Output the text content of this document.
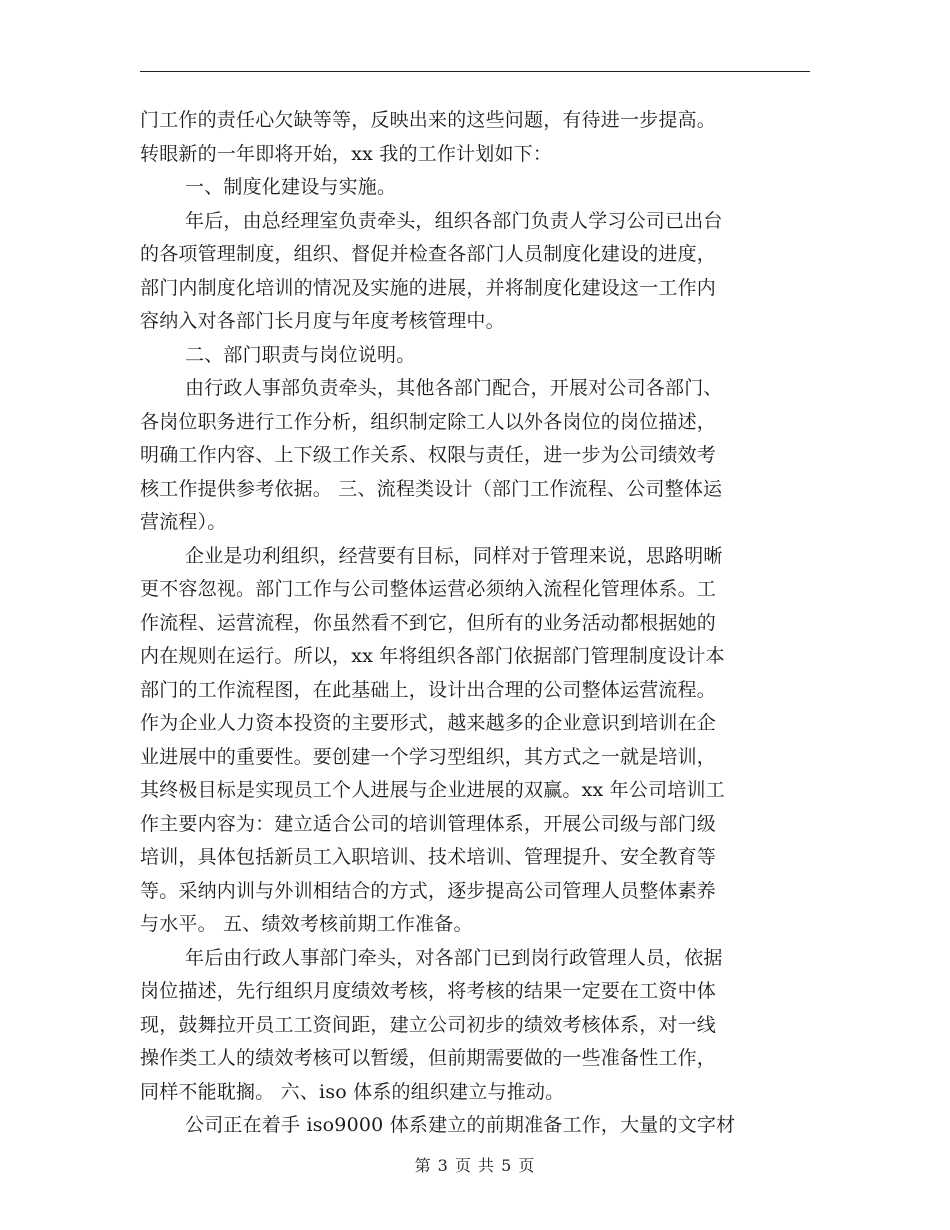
门工作的责任心欠缺等等，反映出来的这些问题，有待进一步提高。
转眼新的一年即将开始，xx 我的工作计划如下：
一、制度化建设与实施。
年后，由总经理室负责牵头，组织各部门负责人学习公司已出台
的各项管理制度，组织、督促并检查各部门人员制度化建设的进度，
部门内制度化培训的情况及实施的进展，并将制度化建设这一工作内
容纳入对各部门长月度与年度考核管理中。
二、部门职责与岗位说明。
由行政人事部负责牵头，其他各部门配合，开展对公司各部门、
各岗位职务进行工作分析，组织制定除工人以外各岗位的岗位描述，
明确工作内容、上下级工作关系、权限与责任，进一步为公司绩效考
核工作提供参考依据。 三、流程类设计（部门工作流程、公司整体运
营流程）。
企业是功利组织，经营要有目标，同样对于管理来说，思路明晰
更不容忽视。部门工作与公司整体运营必须纳入流程化管理体系。工
作流程、运营流程，你虽然看不到它，但所有的业务活动都根据她的
内在规则在运行。所以，xx 年将组织各部门依据部门管理制度设计本
部门的工作流程图，在此基础上，设计出合理的公司整体运营流程。
作为企业人力资本投资的主要形式，越来越多的企业意识到培训在企
业进展中的重要性。要创建一个学习型组织，其方式之一就是培训，
其终极目标是实现员工个人进展与企业进展的双赢。xx 年公司培训工
作主要内容为：建立适合公司的培训管理体系，开展公司级与部门级
培训，具体包括新员工入职培训、技术培训、管理提升、安全教育等
等。采纳内训与外训相结合的方式，逐步提高公司管理人员整体素养
与水平。 五、绩效考核前期工作准备。
年后由行政人事部门牵头，对各部门已到岗行政管理人员，依据
岗位描述，先行组织月度绩效考核，将考核的结果一定要在工资中体
现，鼓舞拉开员工工资间距，建立公司初步的绩效考核体系，对一线
操作类工人的绩效考核可以暂缓，但前期需要做的一些准备性工作，
同样不能耽搁。 六、iso 体系的组织建立与推动。
公司正在着手 iso9000 体系建立的前期准备工作，大量的文字材
第 3 页 共 5 页
